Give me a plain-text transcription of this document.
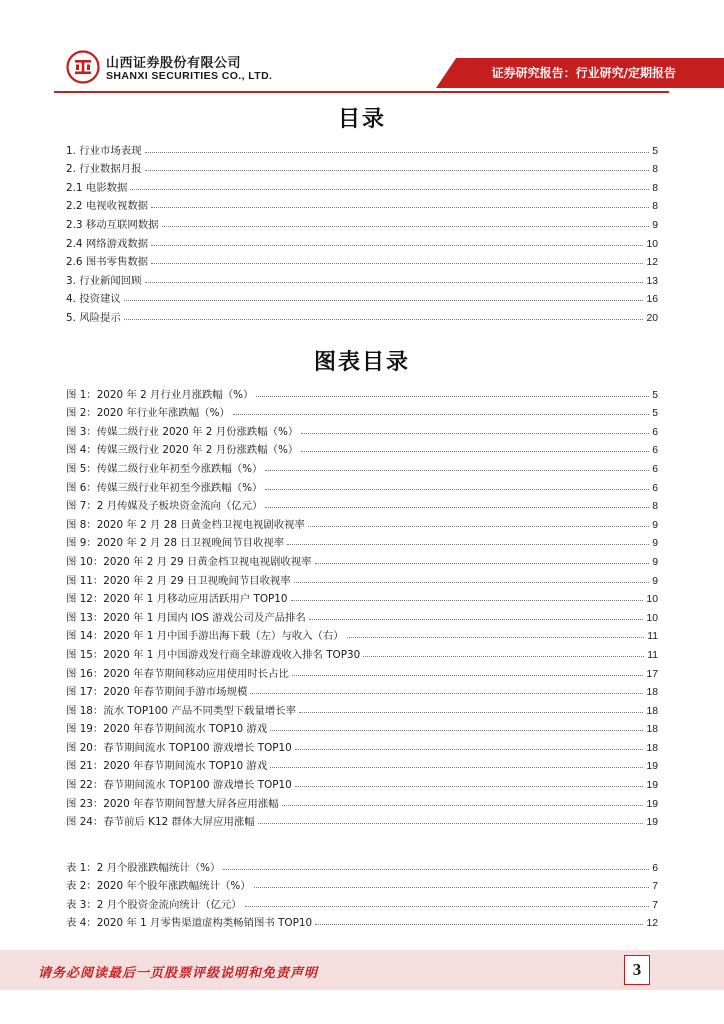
山西证券股份有限公司
SHANXI SECURITIES CO., LTD.	证券研究报告：行业研究/定期报告
目录
1. 行业市场表现	5
2. 行业数据月报	8
2.1 电影数据	8
2.2 电视收视数据	8
2.3 移动互联网数据	9
2.4 网络游戏数据	10
2.6 图书零售数据	12
3. 行业新闻回顾	13
4. 投资建议	16
5. 风险提示	20
图表目录
图 1：2020 年 2 月行业月涨跌幅（%）	5
图 2：2020 年行业年涨跌幅（%）	5
图 3：传媒二级行业 2020 年 2 月份涨跌幅（%）	6
图 4：传媒三级行业 2020 年 2 月份涨跌幅（%）	6
图 5：传媒二级行业年初至今涨跌幅（%）	6
图 6：传媒三级行业年初至今涨跌幅（%）	6
图 7：2 月传媒及子板块资金流向（亿元）	8
图 8：2020 年 2 月 28 日黄金档卫视电视剧收视率	9
图 9：2020 年 2 月 28 日卫视晚间节目收视率	9
图 10：2020 年 2 月 29 日黄金档卫视电视剧收视率	9
图 11：2020 年 2 月 29 日卫视晚间节目收视率	9
图 12：2020 年 1 月移动应用活跃用户 TOP10	10
图 13：2020 年 1 月国内 IOS 游戏公司及产品排名	10
图 14：2020 年 1 月中国手游出海下载（左）与收入（右）	11
图 15：2020 年 1 月中国游戏发行商全球游戏收入排名 TOP30	11
图 16：2020 年春节期间移动应用使用时长占比	17
图 17：2020 年春节期间手游市场规模	18
图 18：流水 TOP100 产品不同类型下载量增长率	18
图 19：2020 年春节期间流水 TOP10 游戏	18
图 20：春节期间流水 TOP100 游戏增长 TOP10	18
图 21：2020 年春节期间流水 TOP10 游戏	19
图 22：春节期间流水 TOP100 游戏增长 TOP10	19
图 23：2020 年春节期间智慧大屏各应用涨幅	19
图 24：春节前后 K12 群体大屏应用涨幅	19
表 1：2 月个股涨跌幅统计（%）	6
表 2：2020 年个股年涨跌幅统计（%）	7
表 3：2 月个股资金流向统计（亿元）	7
表 4：2020 年 1 月零售渠道虚构类畅销图书 TOP10	12
请务必阅读最后一页股票评级说明和免责声明	3
